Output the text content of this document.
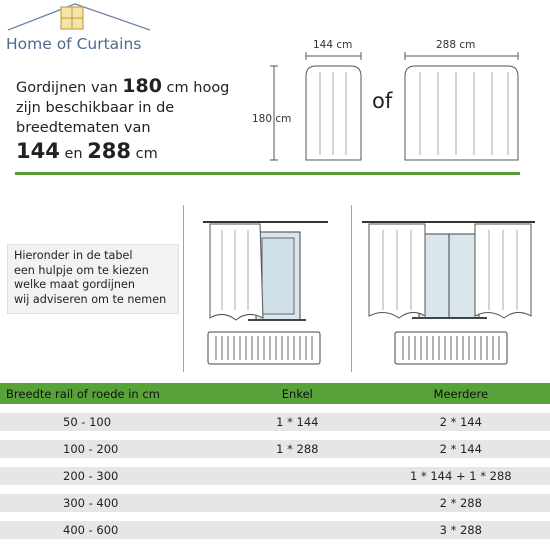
Home of Curtains
Gordijnen van 180 cm hoog
zijn beschikbaar in de
breedtematen van
144 en 288 cm
144 cm	288 cm
180 cm
of
Hieronder in de tabel
een hulpje om te kiezen
welke maat gordijnen
wij adviseren om te nemen
Breedte rail of roede in cm	Enkel	Meerdere

50 - 100	1 * 144	2 * 144

100 - 200	1 * 288	2 * 144

200 - 300		1 * 144 + 1 * 288

300 - 400		2 * 288

400 - 600		3 * 288
